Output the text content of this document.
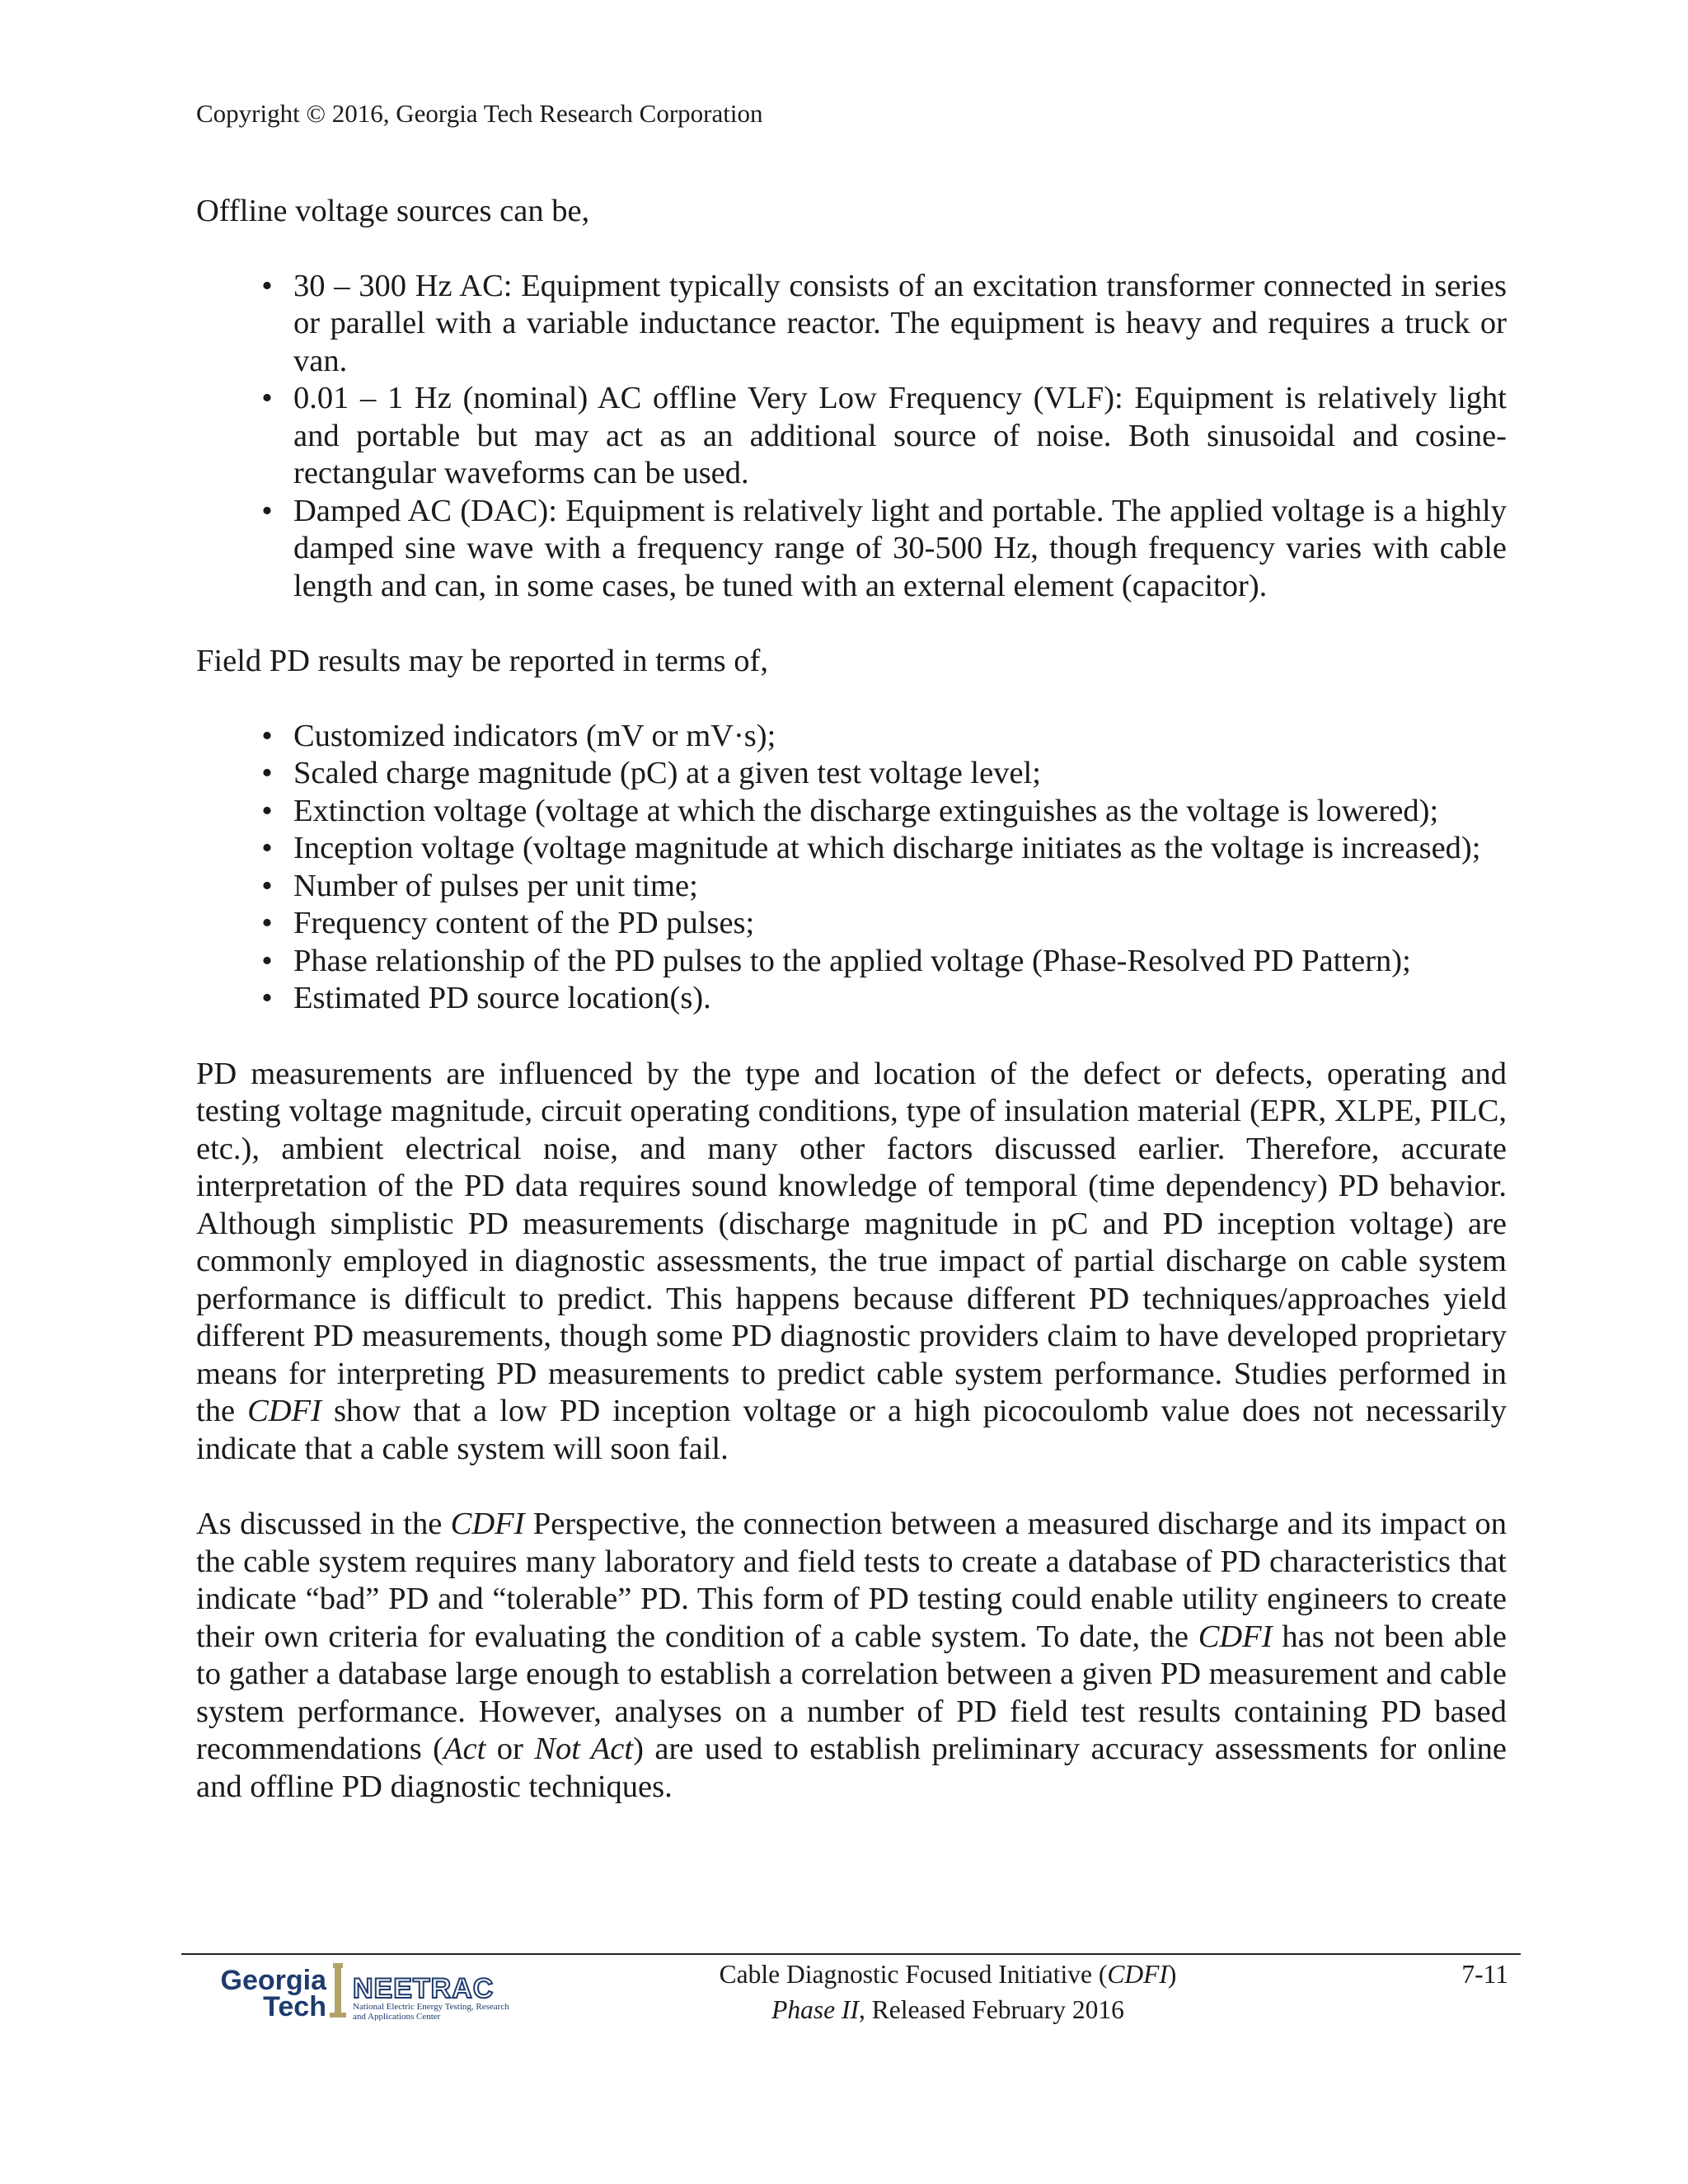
Copyright © 2016, Georgia Tech Research Corporation

Offline voltage sources can be,

• 30 – 300 Hz AC: Equipment typically consists of an excitation transformer connected in series or parallel with a variable inductance reactor. The equipment is heavy and requires a truck or van.
• 0.01 – 1 Hz (nominal) AC offline Very Low Frequency (VLF): Equipment is relatively light and portable but may act as an additional source of noise. Both sinusoidal and cosine-rectangular waveforms can be used.
• Damped AC (DAC): Equipment is relatively light and portable. The applied voltage is a highly damped sine wave with a frequency range of 30-500 Hz, though frequency varies with cable length and can, in some cases, be tuned with an external element (capacitor).

Field PD results may be reported in terms of,

• Customized indicators (mV or mV·s);
• Scaled charge magnitude (pC) at a given test voltage level;
• Extinction voltage (voltage at which the discharge extinguishes as the voltage is lowered);
• Inception voltage (voltage magnitude at which discharge initiates as the voltage is increased);
• Number of pulses per unit time;
• Frequency content of the PD pulses;
• Phase relationship of the PD pulses to the applied voltage (Phase-Resolved PD Pattern);
• Estimated PD source location(s).

PD measurements are influenced by the type and location of the defect or defects, operating and testing voltage magnitude, circuit operating conditions, type of insulation material (EPR, XLPE, PILC, etc.), ambient electrical noise, and many other factors discussed earlier. Therefore, accurate interpretation of the PD data requires sound knowledge of temporal (time dependency) PD behavior. Although simplistic PD measurements (discharge magnitude in pC and PD inception voltage) are commonly employed in diagnostic assessments, the true impact of partial discharge on cable system performance is difficult to predict. This happens because different PD techniques/approaches yield different PD measurements, though some PD diagnostic providers claim to have developed proprietary means for interpreting PD measurements to predict cable system performance. Studies performed in the CDFI show that a low PD inception voltage or a high picocoulomb value does not necessarily indicate that a cable system will soon fail.

As discussed in the CDFI Perspective, the connection between a measured discharge and its impact on the cable system requires many laboratory and field tests to create a database of PD characteristics that indicate “bad” PD and “tolerable” PD. This form of PD testing could enable utility engineers to create their own criteria for evaluating the condition of a cable system. To date, the CDFI has not been able to gather a database large enough to establish a correlation between a given PD measurement and cable system performance. However, analyses on a number of PD field test results containing PD based recommendations (Act or Not Act) are used to establish preliminary accuracy assessments for online and offline PD diagnostic techniques.

Georgia
Tech
NEETRAC
National Electric Energy Testing, Research
and Applications Center
Cable Diagnostic Focused Initiative (CDFI)
Phase II, Released February 2016
7-11
